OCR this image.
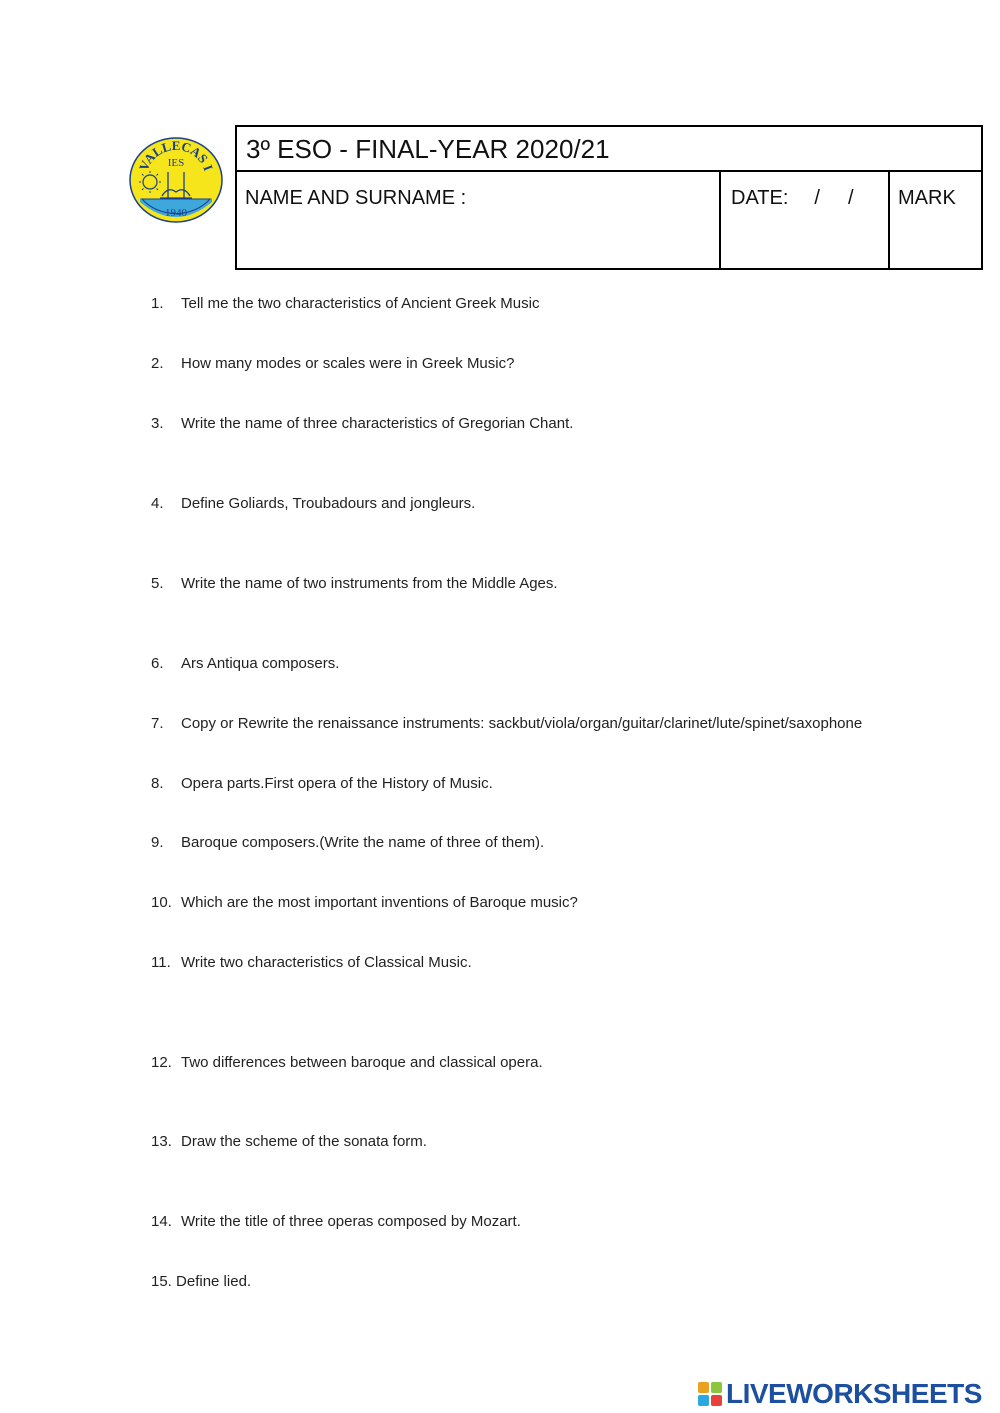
VALLECAS I
IES
1940
3º ESO - FINAL-YEAR 2020/21
NAME AND SURNAME :	DATE: / /	MARK
1. Tell me the two characteristics of Ancient Greek Music
2. How many modes or scales were in Greek Music?
3. Write the name of three characteristics of Gregorian Chant.
4. Define Goliards, Troubadours and jongleurs.
5. Write the name of two instruments from the Middle Ages.
6. Ars Antiqua composers.
7. Copy or Rewrite the renaissance instruments: sackbut/viola/organ/guitar/clarinet/lute/spinet/saxophone
8. Opera parts.First opera of the History of Music.
9. Baroque composers.(Write the name of three of them).
10. Which are the most important inventions of Baroque music?
11. Write two characteristics of Classical Music.
12. Two differences between baroque and classical opera.
13. Draw the scheme of the sonata form.
14. Write the title of three operas composed by Mozart.
15. Define lied.
LIVEWORKSHEETS
